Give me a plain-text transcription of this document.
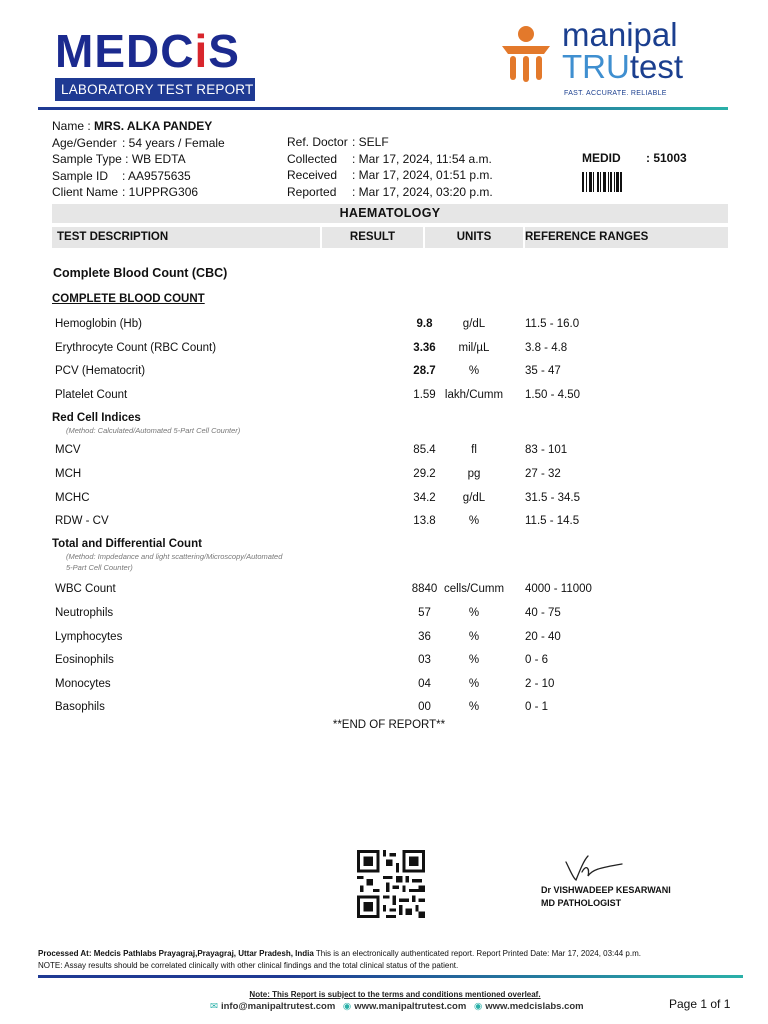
MEDCiS
LABORATORY TEST REPORT
manipal
TRUtest
FAST. ACCURATE. RELIABLE
Name : MRS. ALKA PANDEY
Age/Gender : 54 years / Female
Sample Type : WB EDTA
Sample ID : AA9575635
Client Name : 1UPPRG306
Ref. Doctor : SELF
Collected : Mar 17, 2024, 11:54 a.m.
Received : Mar 17, 2024, 01:51 p.m.
Reported : Mar 17, 2024, 03:20 p.m.
MEDID : 51003
HAEMATOLOGY
TEST DESCRIPTION	RESULT	UNITS	REFERENCE RANGES
Complete Blood Count (CBC)
COMPLETE BLOOD COUNT
Hemoglobin (Hb)	9.8	g/dL	11.5 - 16.0
Erythrocyte Count (RBC Count)	3.36	mil/µL	3.8 - 4.8
PCV (Hematocrit)	28.7	%	35 - 47
Platelet Count	1.59 lakh/Cumm	1.50 - 4.50
Red Cell Indices
(Method: Calculated/Automated 5-Part Cell Counter)
MCV	85.4	fl	83 - 101
MCH	29.2	pg	27 - 32
MCHC	34.2	g/dL	31.5 - 34.5
RDW - CV	13.8	%	11.5 - 14.5
Total and Differential Count
(Method: Impdedance and light scattering/Microscopy/Automated
5-Part Cell Counter)
WBC Count	8840 cells/Cumm	4000 - 11000
Neutrophils	57	%	40 - 75
Lymphocytes	36	%	20 - 40
Eosinophils	03	%	0 - 6
Monocytes	04	%	2 - 10
Basophils	00	%	0 - 1
**END OF REPORT**
Dr VISHWADEEP KESARWANI
MD PATHOLOGIST
Processed At: Medcis Pathlabs Prayagraj,Prayagraj, Uttar Pradesh, India This is an electronically authenticated report. Report Printed Date: Mar 17, 2024, 03:44 p.m.
NOTE: Assay results should be correlated clinically with other clinical findings and the total clinical status of the patient.
Note: This Report is subject to the terms and conditions mentioned overleaf.
✉ info@manipaltrutest.com ◉ www.manipaltrutest.com ◉ www.medcislabs.com	Page 1 of 1
